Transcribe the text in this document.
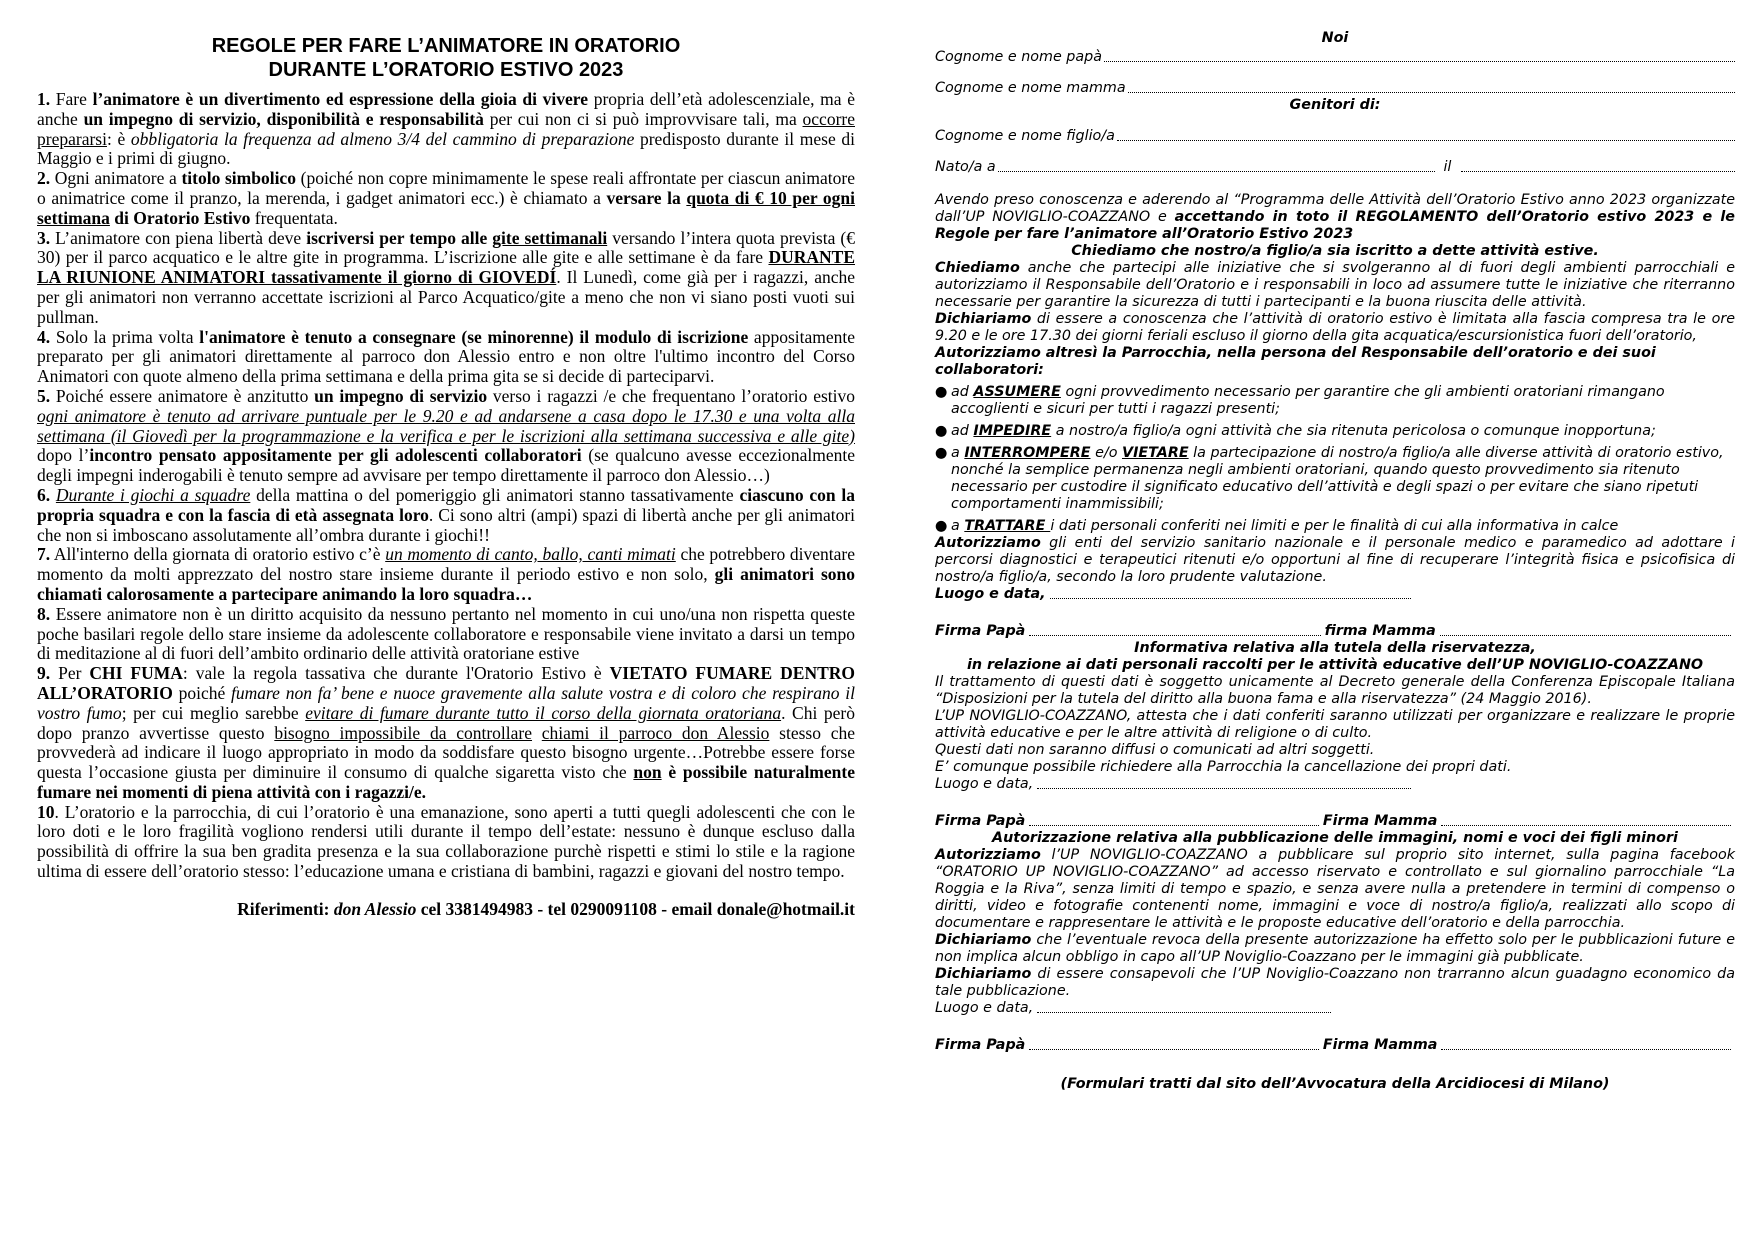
REGOLE PER FARE L’ANIMATORE IN ORATORIO
DURANTE L’ORATORIO ESTIVO 2023

1. Fare l’animatore è un divertimento ed espressione della gioia di vivere propria dell’età adolescenziale, ma è anche un impegno di servizio, disponibilità e responsabilità per cui non ci si può improvvisare tali, ma occorre prepararsi: è obbligatoria la frequenza ad almeno 3/4 del cammino di preparazione predisposto durante il mese di Maggio e i primi di giugno.

2. Ogni animatore a titolo simbolico (poiché non copre minimamente le spese reali affrontate per ciascun animatore o animatrice come il pranzo, la merenda, i gadget animatori ecc.) è chiamato a versare la quota di € 10 per ogni settimana di Oratorio Estivo frequentata.

3. L’animatore con piena libertà deve iscriversi per tempo alle gite settimanali versando l’intera quota prevista (€ 30) per il parco acquatico e le altre gite in programma. L’iscrizione alle gite e alle settimane è da fare DURANTE LA RIUNIONE ANIMATORI tassativamente il giorno di GIOVEDÍ. Il Lunedì, come già per i ragazzi, anche per gli animatori non verranno accettate iscrizioni al Parco Acquatico/gite a meno che non vi siano posti vuoti sui pullman.

4. Solo la prima volta l'animatore è tenuto a consegnare (se minorenne) il modulo di iscrizione appositamente preparato per gli animatori direttamente al parroco don Alessio entro e non oltre l'ultimo incontro del Corso Animatori con quote almeno della prima settimana e della prima gita se si decide di parteciparvi.

5. Poiché essere animatore è anzitutto un impegno di servizio verso i ragazzi /e che frequentano l’oratorio estivo ogni animatore è tenuto ad arrivare puntuale per le 9.20 e ad andarsene a casa dopo le 17.30 e una volta alla settimana (il Giovedì per la programmazione e la verifica e per le iscrizioni alla settimana successiva e alle gite) dopo l’incontro pensato appositamente per gli adolescenti collaboratori (se qualcuno avesse eccezionalmente degli impegni inderogabili è tenuto sempre ad avvisare per tempo direttamente il parroco don Alessio…)

6. Durante i giochi a squadre della mattina o del pomeriggio gli animatori stanno tassativamente ciascuno con la propria squadra e con la fascia di età assegnata loro. Ci sono altri (ampi) spazi di libertà anche per gli animatori che non si imboscano assolutamente all’ombra durante i giochi!!

7. All'interno della giornata di oratorio estivo c’è un momento di canto, ballo, canti mimati che potrebbero diventare momento da molti apprezzato del nostro stare insieme durante il periodo estivo e non solo, gli animatori sono chiamati calorosamente a partecipare animando la loro squadra…

8. Essere animatore non è un diritto acquisito da nessuno pertanto nel momento in cui uno/una non rispetta queste poche basilari regole dello stare insieme da adolescente collaboratore e responsabile viene invitato a darsi un tempo di meditazione al di fuori dell’ambito ordinario delle attività oratoriane estive

9. Per CHI FUMA: vale la regola tassativa che durante l'Oratorio Estivo è VIETATO FUMARE DENTRO ALL’ORATORIO poiché fumare non fa’ bene e nuoce gravemente alla salute vostra e di coloro che respirano il vostro fumo; per cui meglio sarebbe evitare di fumare durante tutto il corso della giornata oratoriana. Chi però dopo pranzo avvertisse questo bisogno impossibile da controllare chiami il parroco don Alessio stesso che provvederà ad indicare il luogo appropriato in modo da soddisfare questo bisogno urgente…Potrebbe essere forse questa l’occasione giusta per diminuire il consumo di qualche sigaretta visto che non è possibile naturalmente fumare nei momenti di piena attività con i ragazzi/e.

10. L’oratorio e la parrocchia, di cui l’oratorio è una emanazione, sono aperti a tutti quegli adolescenti che con le loro doti e le loro fragilità vogliono rendersi utili durante il tempo dell’estate: nessuno è dunque escluso dalla possibilità di offrire la sua ben gradita presenza e la sua collaborazione purchè rispetti e stimi lo stile e la ragione ultima di essere dell’oratorio stesso: l’educazione umana e cristiana di bambini, ragazzi e giovani del nostro tempo.

Riferimenti: don Alessio cel 3381494983 - tel 0290091108 - email donale@hotmail.it

Noi

Cognome e nome papà
Cognome e nome mamma

Genitori di:

Cognome e nome figlio/a
Nato/a a	il

Avendo preso conoscenza e aderendo al “Programma delle Attività dell’Oratorio Estivo anno 2023 organizzate dall’UP NOVIGLIO-COAZZANO e accettando in toto il REGOLAMENTO dell’Oratorio estivo 2023 e le Regole per fare l’animatore all’Oratorio Estivo 2023

Chiediamo che nostro/a figlio/a sia iscritto a dette attività estive.

Chiediamo anche che partecipi alle iniziative che si svolgeranno al di fuori degli ambienti parrocchiali e autorizziamo il Responsabile dell’Oratorio e i responsabili in loco ad assumere tutte le iniziative che riterranno necessarie per garantire la sicurezza di tutti i partecipanti e la buona riuscita delle attività.

Dichiariamo di essere a conoscenza che l’attività di oratorio estivo è limitata alla fascia compresa tra le ore 9.20 e le ore 17.30 dei giorni feriali escluso il giorno della gita acquatica/escursionistica fuori dell’oratorio,

Autorizziamo altresì la Parrocchia, nella persona del Responsabile dell’oratorio e dei suoi collaboratori:

● ad ASSUMERE ogni provvedimento necessario per garantire che gli ambienti oratoriani rimangano accoglienti e sicuri per tutti i ragazzi presenti;
● ad IMPEDIRE a nostro/a figlio/a ogni attività che sia ritenuta pericolosa o comunque inopportuna;
● a INTERROMPERE e/o VIETARE la partecipazione di nostro/a figlio/a alle diverse attività di oratorio estivo, nonché la semplice permanenza negli ambienti oratoriani, quando questo provvedimento sia ritenuto necessario per custodire il significato educativo dell’attività e degli spazi o per evitare che siano ripetuti comportamenti inammissibili;
● a TRATTARE i dati personali conferiti nei limiti e per le finalità di cui alla informativa in calce

Autorizziamo gli enti del servizio sanitario nazionale e il personale medico e paramedico ad adottare i percorsi diagnostici e terapeutici ritenuti e/o opportuni al fine di recuperare l’integrità fisica e psicofisica di nostro/a figlio/a, secondo la loro prudente valutazione.

Luogo e data,
Firma Papà	firma Mamma

Informativa relativa alla tutela della riservatezza,

in relazione ai dati personali raccolti per le attività educative dell’UP NOVIGLIO-COAZZANO

Il trattamento di questi dati è soggetto unicamente al Decreto generale della Conferenza Episcopale Italiana “Disposizioni per la tutela del diritto alla buona fama e alla riservatezza” (24 Maggio 2016).

L’UP NOVIGLIO-COAZZANO, attesta che i dati conferiti saranno utilizzati per organizzare e realizzare le proprie attività educative e per le altre attività di religione o di culto.

Questi dati non saranno diffusi o comunicati ad altri soggetti.

E’ comunque possibile richiedere alla Parrocchia la cancellazione dei propri dati.

Luogo e data,
Firma Papà	Firma Mamma

Autorizzazione relativa alla pubblicazione delle immagini, nomi e voci dei figli minori

Autorizziamo l’UP NOVIGLIO-COAZZANO a pubblicare sul proprio sito internet, sulla pagina facebook “ORATORIO UP NOVIGLIO-COAZZANO” ad accesso riservato e controllato e sul giornalino parrocchiale “La Roggia e la Riva”, senza limiti di tempo e spazio, e senza avere nulla a pretendere in termini di compenso o diritti, video e fotografie contenenti nome, immagini e voce di nostro/a figlio/a, realizzati allo scopo di documentare e rappresentare le attività e le proposte educative dell’oratorio e della parrocchia.

Dichiariamo che l’eventuale revoca della presente autorizzazione ha effetto solo per le pubblicazioni future e non implica alcun obbligo in capo all’UP Noviglio-Coazzano per le immagini già pubblicate.

Dichiariamo di essere consapevoli che l’UP Noviglio-Coazzano non trarranno alcun guadagno economico da tale pubblicazione.

Luogo e data,
Firma Papà	Firma Mamma

(Formulari tratti dal sito dell’Avvocatura della Arcidiocesi di Milano)
